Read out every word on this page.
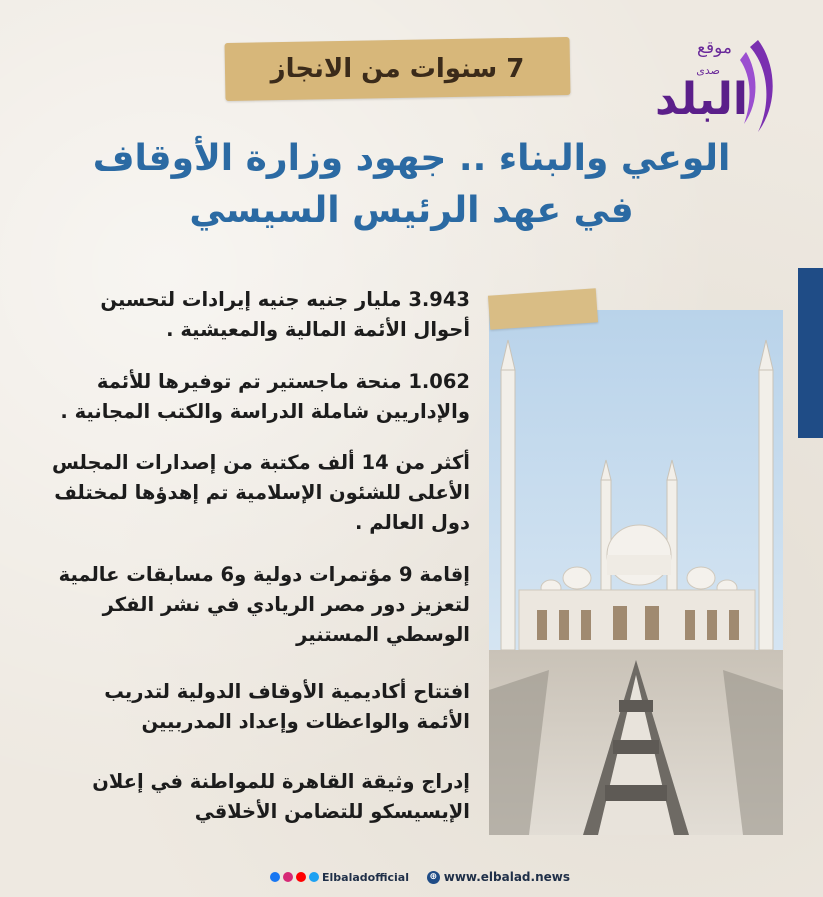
7 سنوات من الانجاز
موقع
صدى
البلد
الوعي والبناء .. جهود وزارة الأوقاف
في عهد الرئيس السيسي
3.943 مليار جنيه جنيه إيرادات لتحسين
أحوال الأئمة المالية والمعيشية .
1.062 منحة ماجستير تم توفيرها للأئمة
والإداريين شاملة الدراسة والكتب المجانية .
أكثر من 14 ألف مكتبة من إصدارات المجلس
الأعلى للشئون الإسلامية تم إهدؤها لمختلف
دول العالم .
إقامة 9 مؤتمرات دولية و6 مسابقات عالمية
لتعزيز دور مصر الريادي في نشر الفكر
الوسطي المستنير
افتتاح أكاديمية الأوقاف الدولية لتدريب
الأئمة والواعظات وإعداد المدربيين
إدراج وثيقة القاهرة للمواطنة في إعلان
الإيسيسكو للتضامن الأخلاقي
Elbaladofficial	⊕ www.elbalad.news
